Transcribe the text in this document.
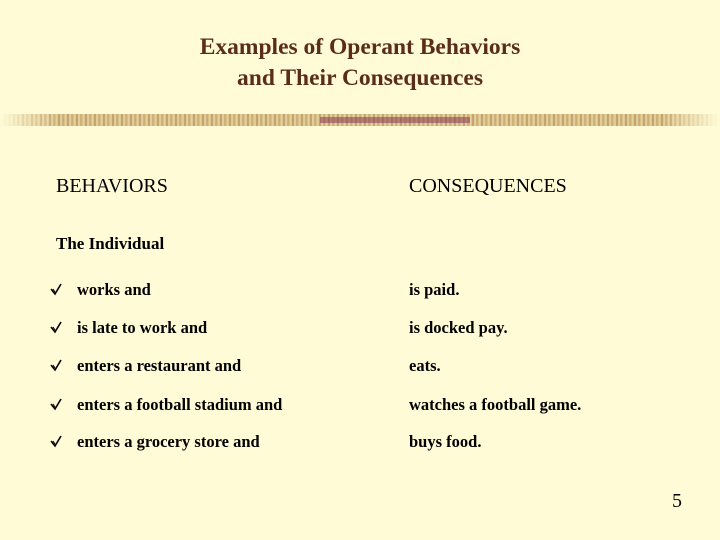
Examples of Operant Behaviors
and Their Consequences
BEHAVIORS	CONSEQUENCES
The Individual
works and	is paid.
is late to work and	is docked pay.
enters a restaurant and	eats.
enters a football stadium and	watches a football game.
enters a grocery store and	buys food.
5
